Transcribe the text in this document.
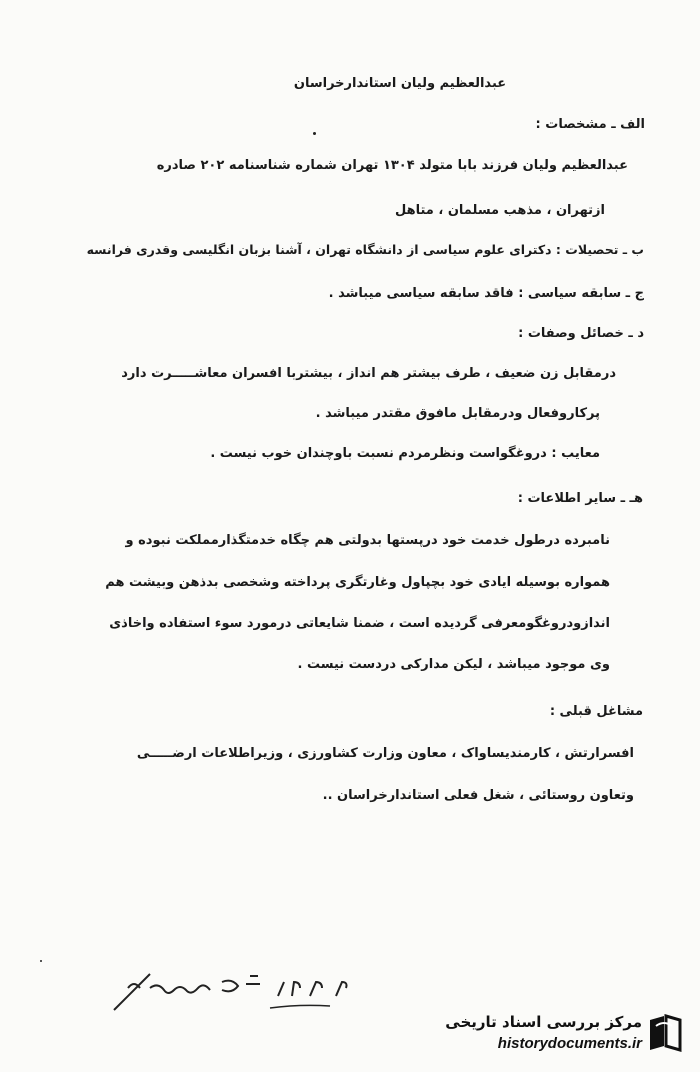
عبدالعظیم ولیان استاندارخراسان
الف ـ مشخصات :
عبدالعظیم ولیان فرزند بابا متولد ۱۳۰۴ تهران شماره شناسنامه ۲۰۲ صادره
ازتهران ، مذهب مسلمان ، متاهل
ب ـ تحصیلات : دکترای علوم سیاسی از دانشگاه تهران ، آشنا بزبان انگلیسی وقدری فرانسه
ج ـ سابقه سیاسی : فاقد سابقه سیاسی میباشد .
د ـ خصائل وصفات :
درمقابل زن ضعیف ، طرف بیشتر هم انداز ، بیشتربا افسران معاشـــــرت دارد
پرکاروفعال ودرمقابل مافوق مقتدر میباشد .
معایب : دروغگواست ونظرمردم نسبت باوچندان خوب نیست .
هـ ـ سایر اطلاعات :
نامبرده درطول خدمت خود درپستها بدولتی هم چگاه خدمتگذارمملکت نبوده و
همواره بوسیله ایادی خود بچپاول وغارتگری پرداخته وشخصی بدذهن وبیشت هم
اندازودروغگومعرفی گردیده است ، ضمنا شایعاتی درمورد سوء استفاده واخاذی
وی موجود میباشد ، لیکن مدارکی دردست نیست .
مشاغل قبلی :
افسرارتش ، کارمندیساواک ، معاون وزارت کشاورزی ، وزیراطلاعات ارضـــــی
وتعاون روستائی ، شغل فعلی استاندارخراسان ..
مرکز بررسی اسناد تاریخی
historydocuments.ir
